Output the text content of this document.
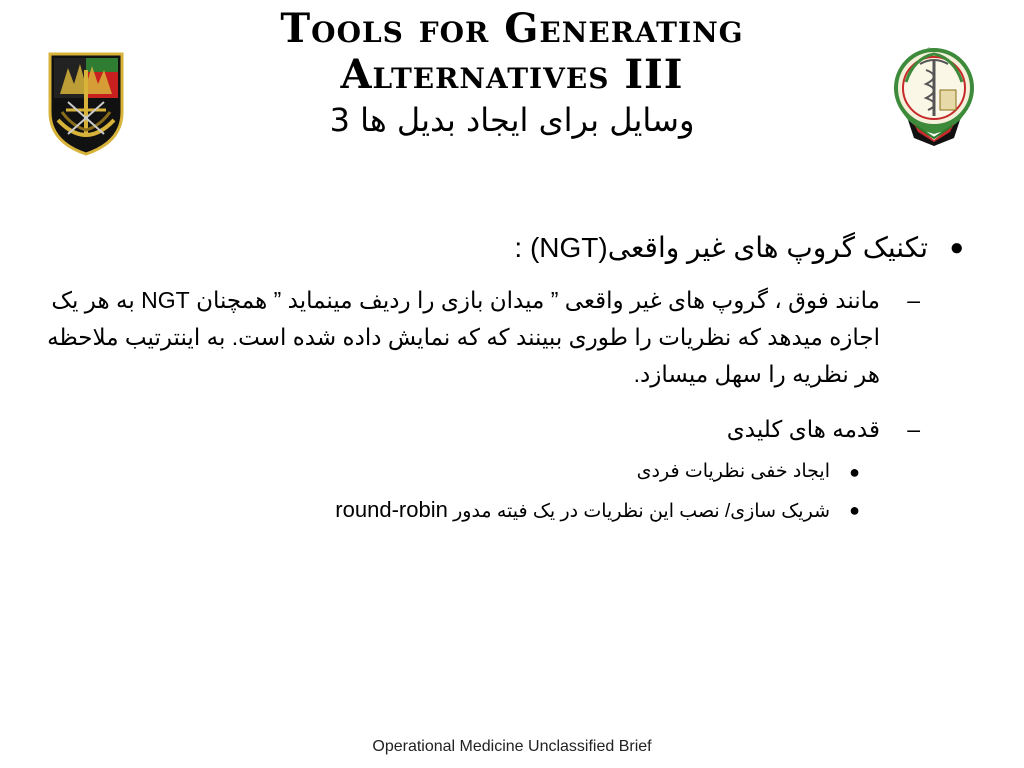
Tools for Generating Alternatives III
وسایل برای ایجاد بدیل ها 3
ستر محکمه
●
تکنیک گروپ های غیر واقعی(NGT) :
–
مانند فوق ، گروپ های غیر واقعی ” میدان بازی را ردیف مینماید ” همچنان NGT به هر یک اجازه میدهد که نظریات را طوری ببینند که که نمایش داده شده است. به اینترتیب ملاحظه هر نظریه را سهل میسازد.
–
قدمه های کلیدی
●
ایجاد خفی نظریات فردی
●
شریک سازی/ نصب این نظریات در یک فیته مدور round-robin
Operational Medicine Unclassified Brief
